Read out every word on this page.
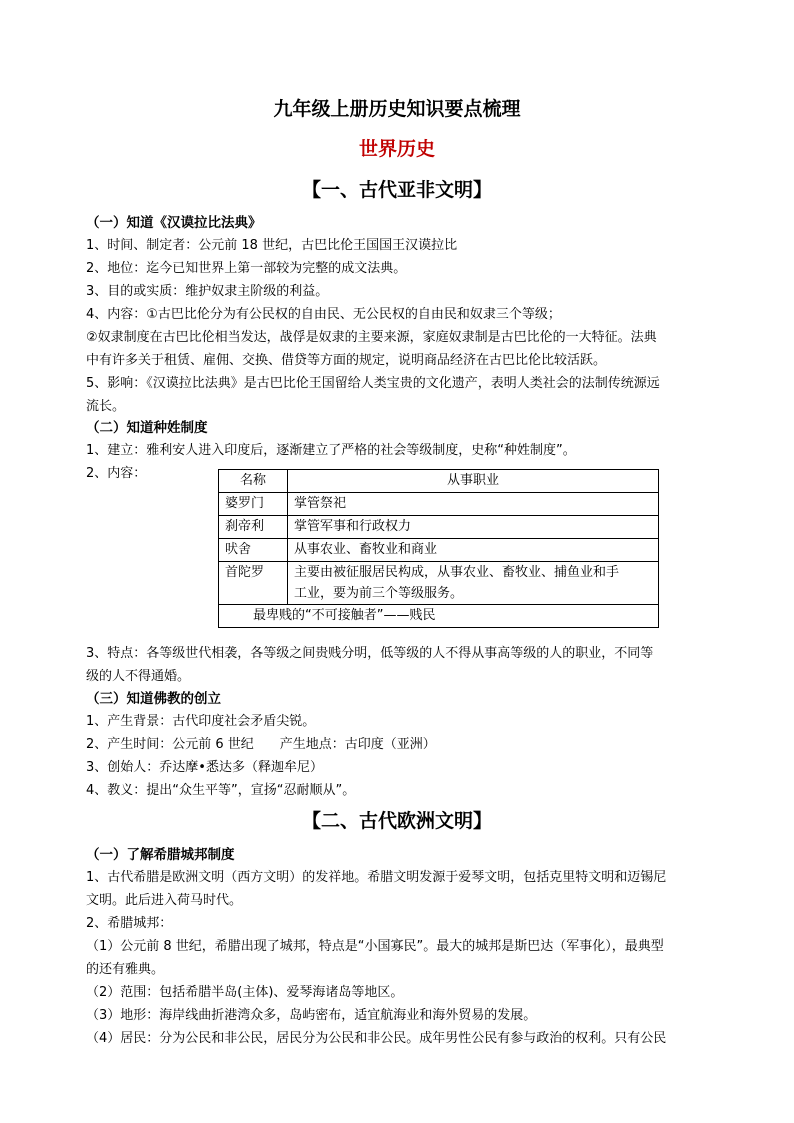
九年级上册历史知识要点梳理
世界历史
【一、古代亚非文明】
（一）知道《汉谟拉比法典》
1、时间、制定者：公元前 18 世纪，古巴比伦王国国王汉谟拉比
2、地位：迄今已知世界上第一部较为完整的成文法典。
3、目的或实质：维护奴隶主阶级的利益。
4、内容：①古巴比伦分为有公民权的自由民、无公民权的自由民和奴隶三个等级；
②奴隶制度在古巴比伦相当发达，战俘是奴隶的主要来源，家庭奴隶制是古巴比伦的一大特征。法典
中有许多关于租赁、雇佣、交换、借贷等方面的规定，说明商品经济在古巴比伦比较活跃。
5、影响：《汉谟拉比法典》是古巴比伦王国留给人类宝贵的文化遗产，表明人类社会的法制传统源远
流长。
（二）知道种姓制度
1、建立：雅利安人进入印度后，逐渐建立了严格的社会等级制度，史称“种姓制度”。
2、内容：	名称	从事职业
婆罗门	掌管祭祀
刹帝利	掌管军事和行政权力
吠舍	从事农业、畜牧业和商业
首陀罗	主要由被征服居民构成，从事农业、畜牧业、捕鱼业和手
工业，要为前三个等级服务。

最卑贱的“不可接触者”——贱民	
3、特点：各等级世代相袭，各等级之间贵贱分明，低等级的人不得从事高等级的人的职业，不同等
级的人不得通婚。
（三）知道佛教的创立
1、产生背景：古代印度社会矛盾尖锐。
2、产生时间：公元前 6 世纪　　产生地点：古印度（亚洲）
3、创始人：乔达摩•悉达多（释迦牟尼）
4、教义：提出“众生平等”，宣扬“忍耐顺从”。
【二、古代欧洲文明】
（一）了解希腊城邦制度
1、古代希腊是欧洲文明（西方文明）的发祥地。希腊文明发源于爱琴文明，包括克里特文明和迈锡尼
文明。此后进入荷马时代。
2、希腊城邦：
（1）公元前 8 世纪，希腊出现了城邦，特点是“小国寡民”。最大的城邦是斯巴达（军事化），最典型
的还有雅典。
（2）范围：包括希腊半岛(主体)、爱琴海诸岛等地区。
（3）地形：海岸线曲折港湾众多，岛屿密布，适宜航海业和海外贸易的发展。
（4）居民：分为公民和非公民，居民分为公民和非公民。成年男性公民有参与政治的权利。只有公民
